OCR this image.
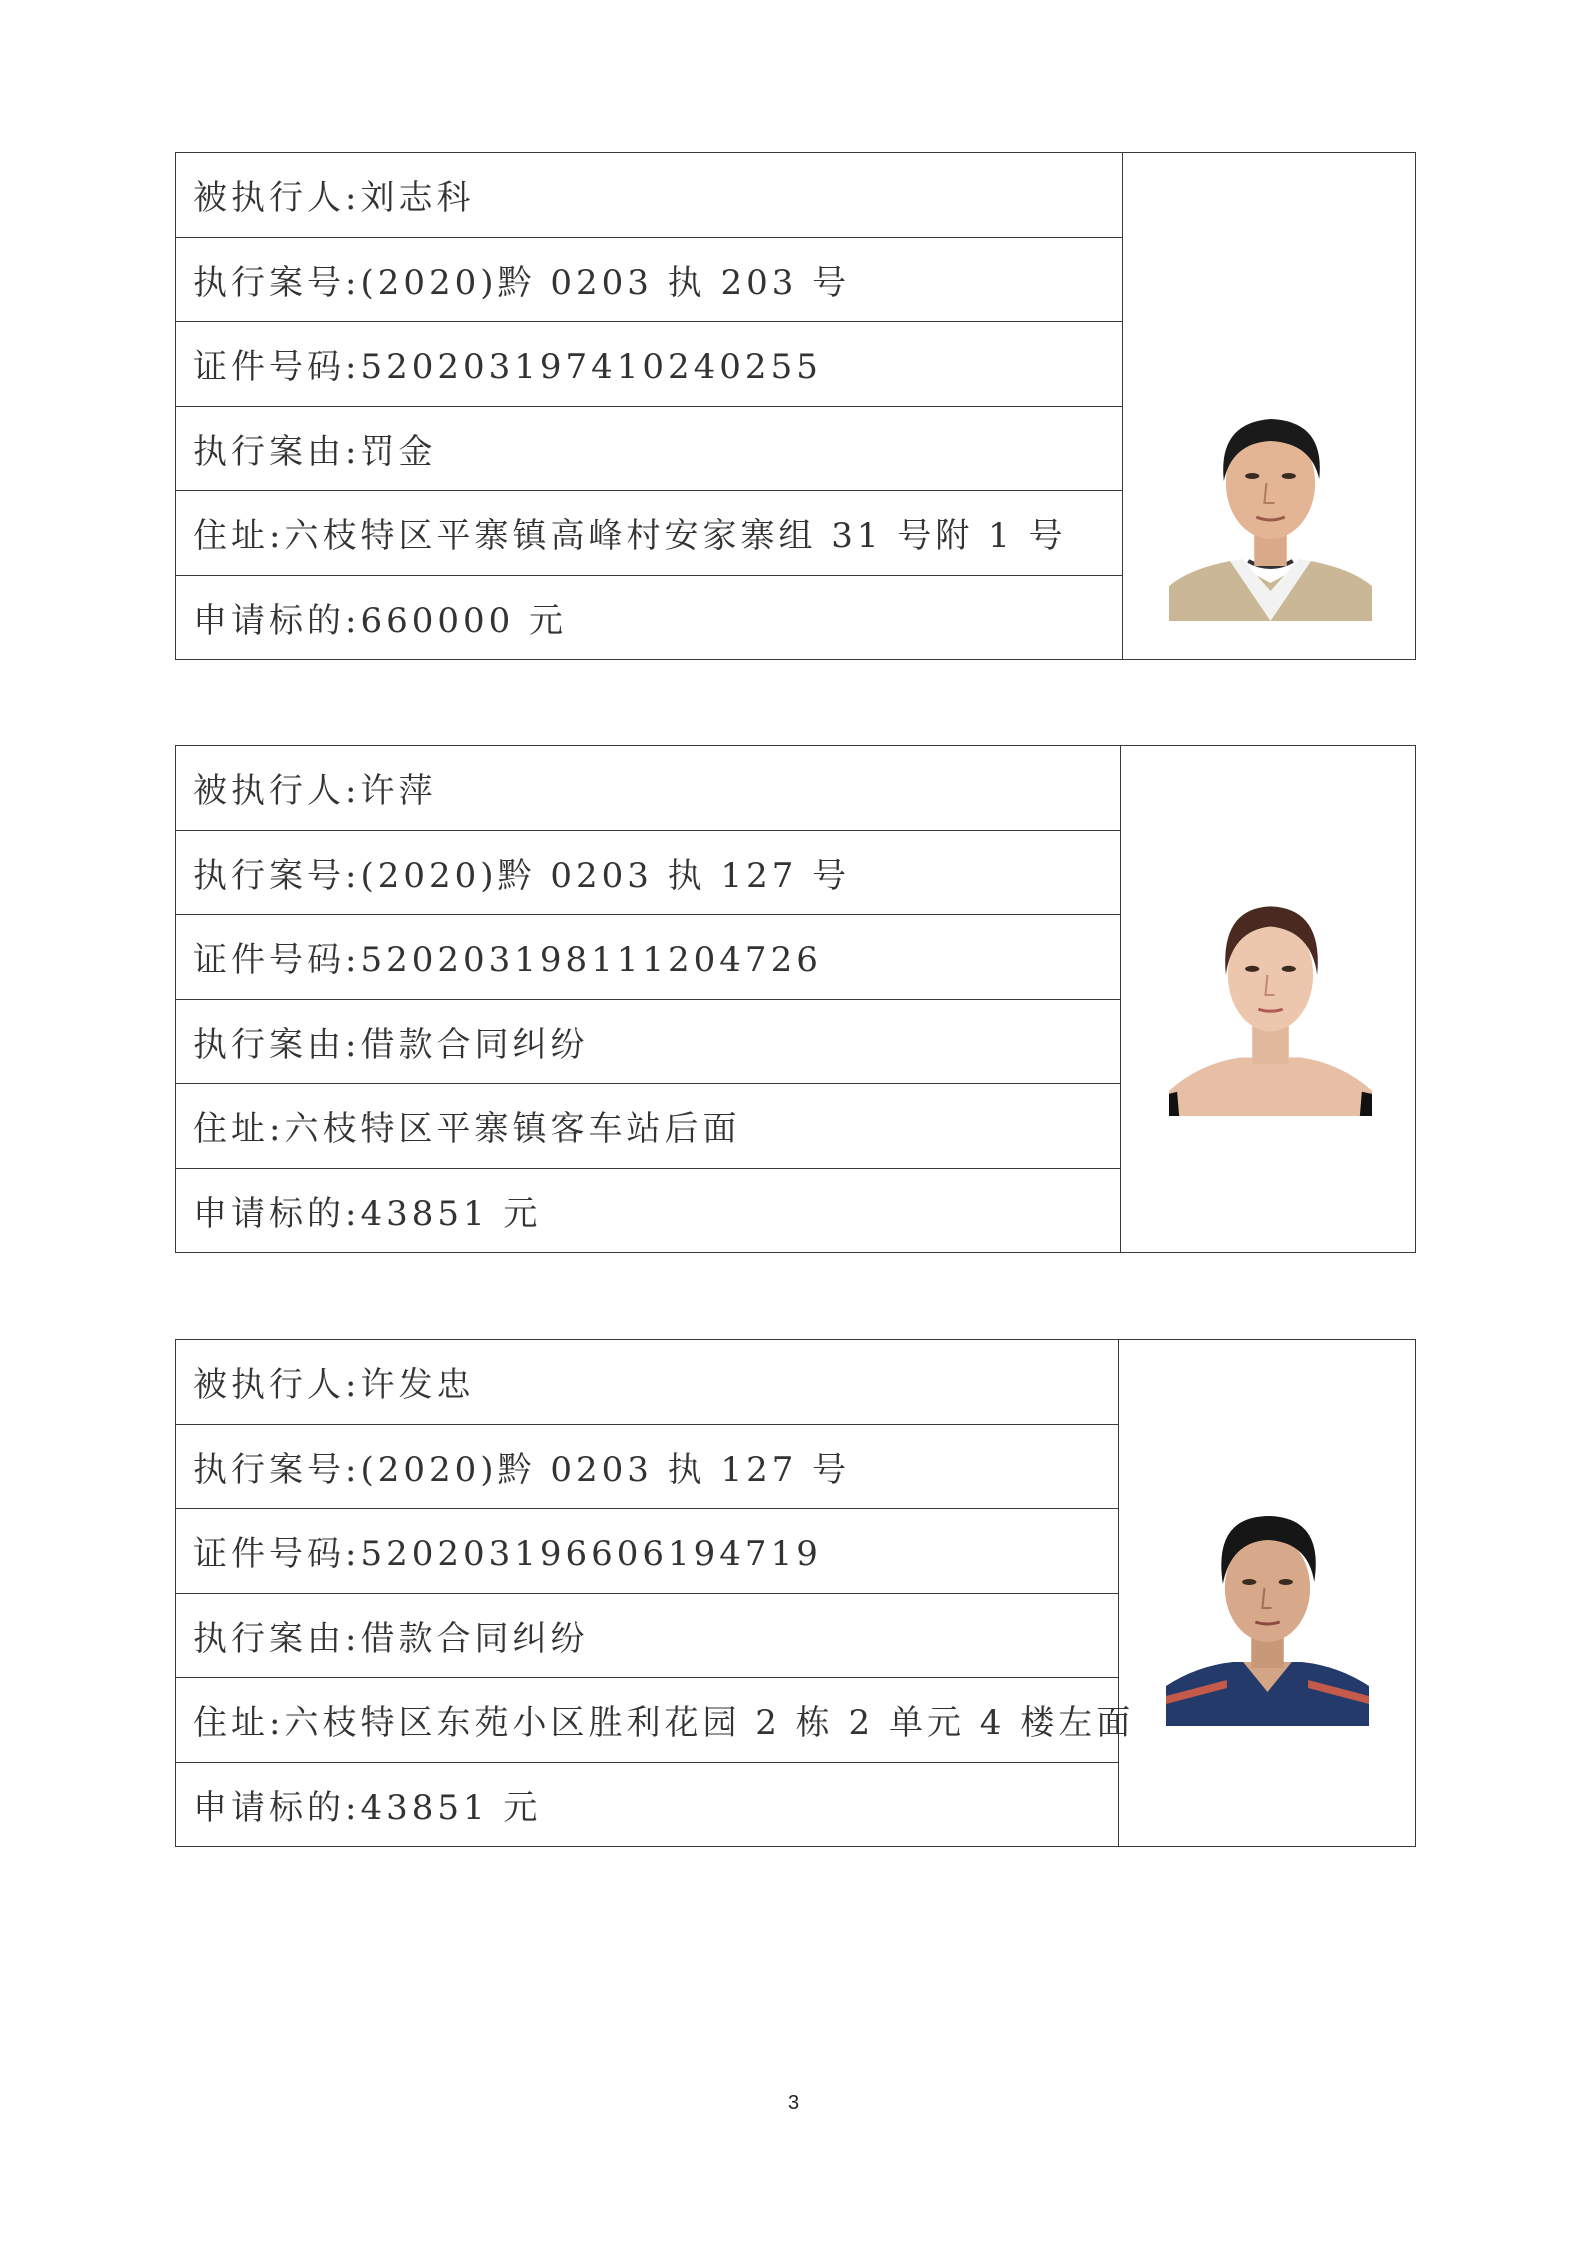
被执行人:刘志科
执行案号:(2020)黔 0203 执 203 号
证件号码:520203197410240255
执行案由:罚金
住址:六枝特区平寨镇高峰村安家寨组 31 号附 1 号
申请标的:660000 元
被执行人:许萍
执行案号:(2020)黔 0203 执 127 号
证件号码:520203198111204726
执行案由:借款合同纠纷
住址:六枝特区平寨镇客车站后面
申请标的:43851 元
被执行人:许发忠
执行案号:(2020)黔 0203 执 127 号
证件号码:520203196606194719
执行案由:借款合同纠纷
住址:六枝特区东苑小区胜利花园 2 栋 2 单元 4 楼左面
申请标的:43851 元
3
